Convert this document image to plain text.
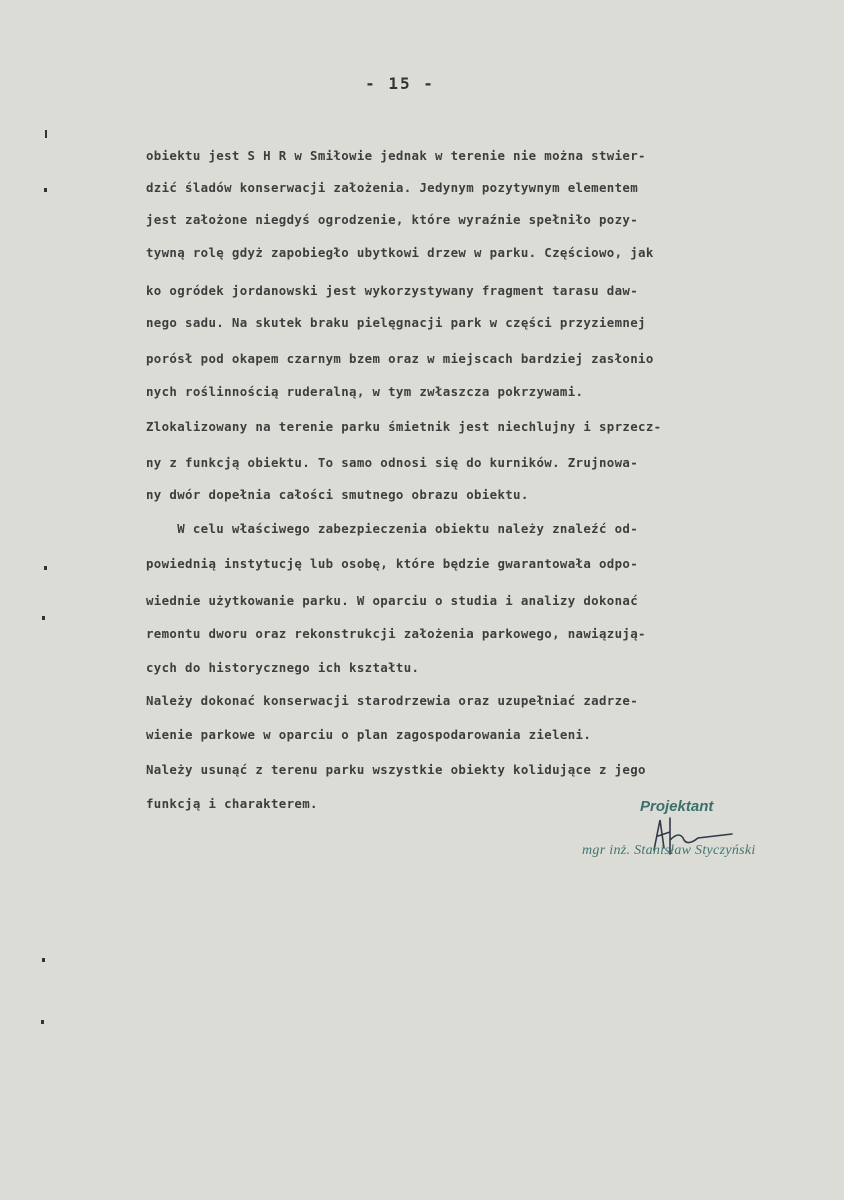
- 15 -
obiektu jest S H R w Smiłowie jednak w terenie nie można stwier-
dzić śladów konserwacji założenia. Jedynym pozytywnym elementem
jest założone niegdyś ogrodzenie, które wyraźnie spełniło pozy-
tywną rolę gdyż zapobiegło ubytkowi drzew w parku. Częściowo, jak
ko ogródek jordanowski jest wykorzystywany fragment tarasu daw-
nego sadu. Na skutek braku pielęgnacji park w części przyziemnej
porósł pod okapem czarnym bzem oraz w miejscach bardziej zasłonio
nych roślinnością ruderalną, w tym zwłaszcza pokrzywami.
Zlokalizowany na terenie parku śmietnik jest niechlujny i sprzecz-
ny z funkcją obiektu. To samo odnosi się do kurników. Zrujnowa-
ny dwór dopełnia całości smutnego obrazu obiektu.
W celu właściwego zabezpieczenia obiektu należy znaleźć od-
powiednią instytucję lub osobę, które będzie gwarantowała odpo-
wiednie użytkowanie parku. W oparciu o studia i analizy dokonać
remontu dworu oraz rekonstrukcji założenia parkowego, nawiązują-
cych do historycznego ich kształtu.
Należy dokonać konserwacji starodrzewia oraz uzupełniać zadrze-
wienie parkowe w oparciu o plan zagospodarowania zieleni.
Należy usunąć z terenu parku wszystkie obiekty kolidujące z jego
funkcją i charakterem.	Projektant
mgr inż. Stanisław Styczyński
